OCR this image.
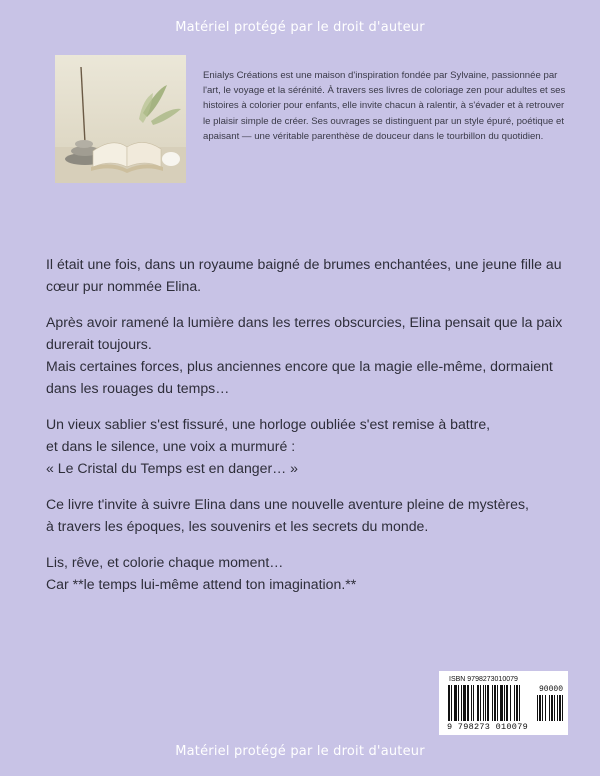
Matériel protégé par le droit d'auteur
Enialys Créations est une maison d'inspiration fondée par Sylvaine, passionnée par l'art, le voyage et la sérénité. À travers ses livres de coloriage zen pour adultes et ses histoires à colorier pour enfants, elle invite chacun à ralentir, à s'évader et à retrouver le plaisir simple de créer. Ses ouvrages se distinguent par un style épuré, poétique et apaisant — une véritable parenthèse de douceur dans le tourbillon du quotidien.

Il était une fois, dans un royaume baigné de brumes enchantées, une jeune fille au cœur pur nommée Elina.

Après avoir ramené la lumière dans les terres obscurcies, Elina pensait que la paix durerait toujours.
Mais certaines forces, plus anciennes encore que la magie elle-même, dormaient dans les rouages du temps…

Un vieux sablier s'est fissuré, une horloge oubliée s'est remise à battre,
et dans le silence, une voix a murmuré :
« Le Cristal du Temps est en danger… »

Ce livre t'invite à suivre Elina dans une nouvelle aventure pleine de mystères,
à travers les époques, les souvenirs et les secrets du monde.

Lis, rêve, et colorie chaque moment…
Car **le temps lui-même attend ton imagination.**

ISBN 9798273010079
90000
9 798273 010079
Matériel protégé par le droit d'auteur
